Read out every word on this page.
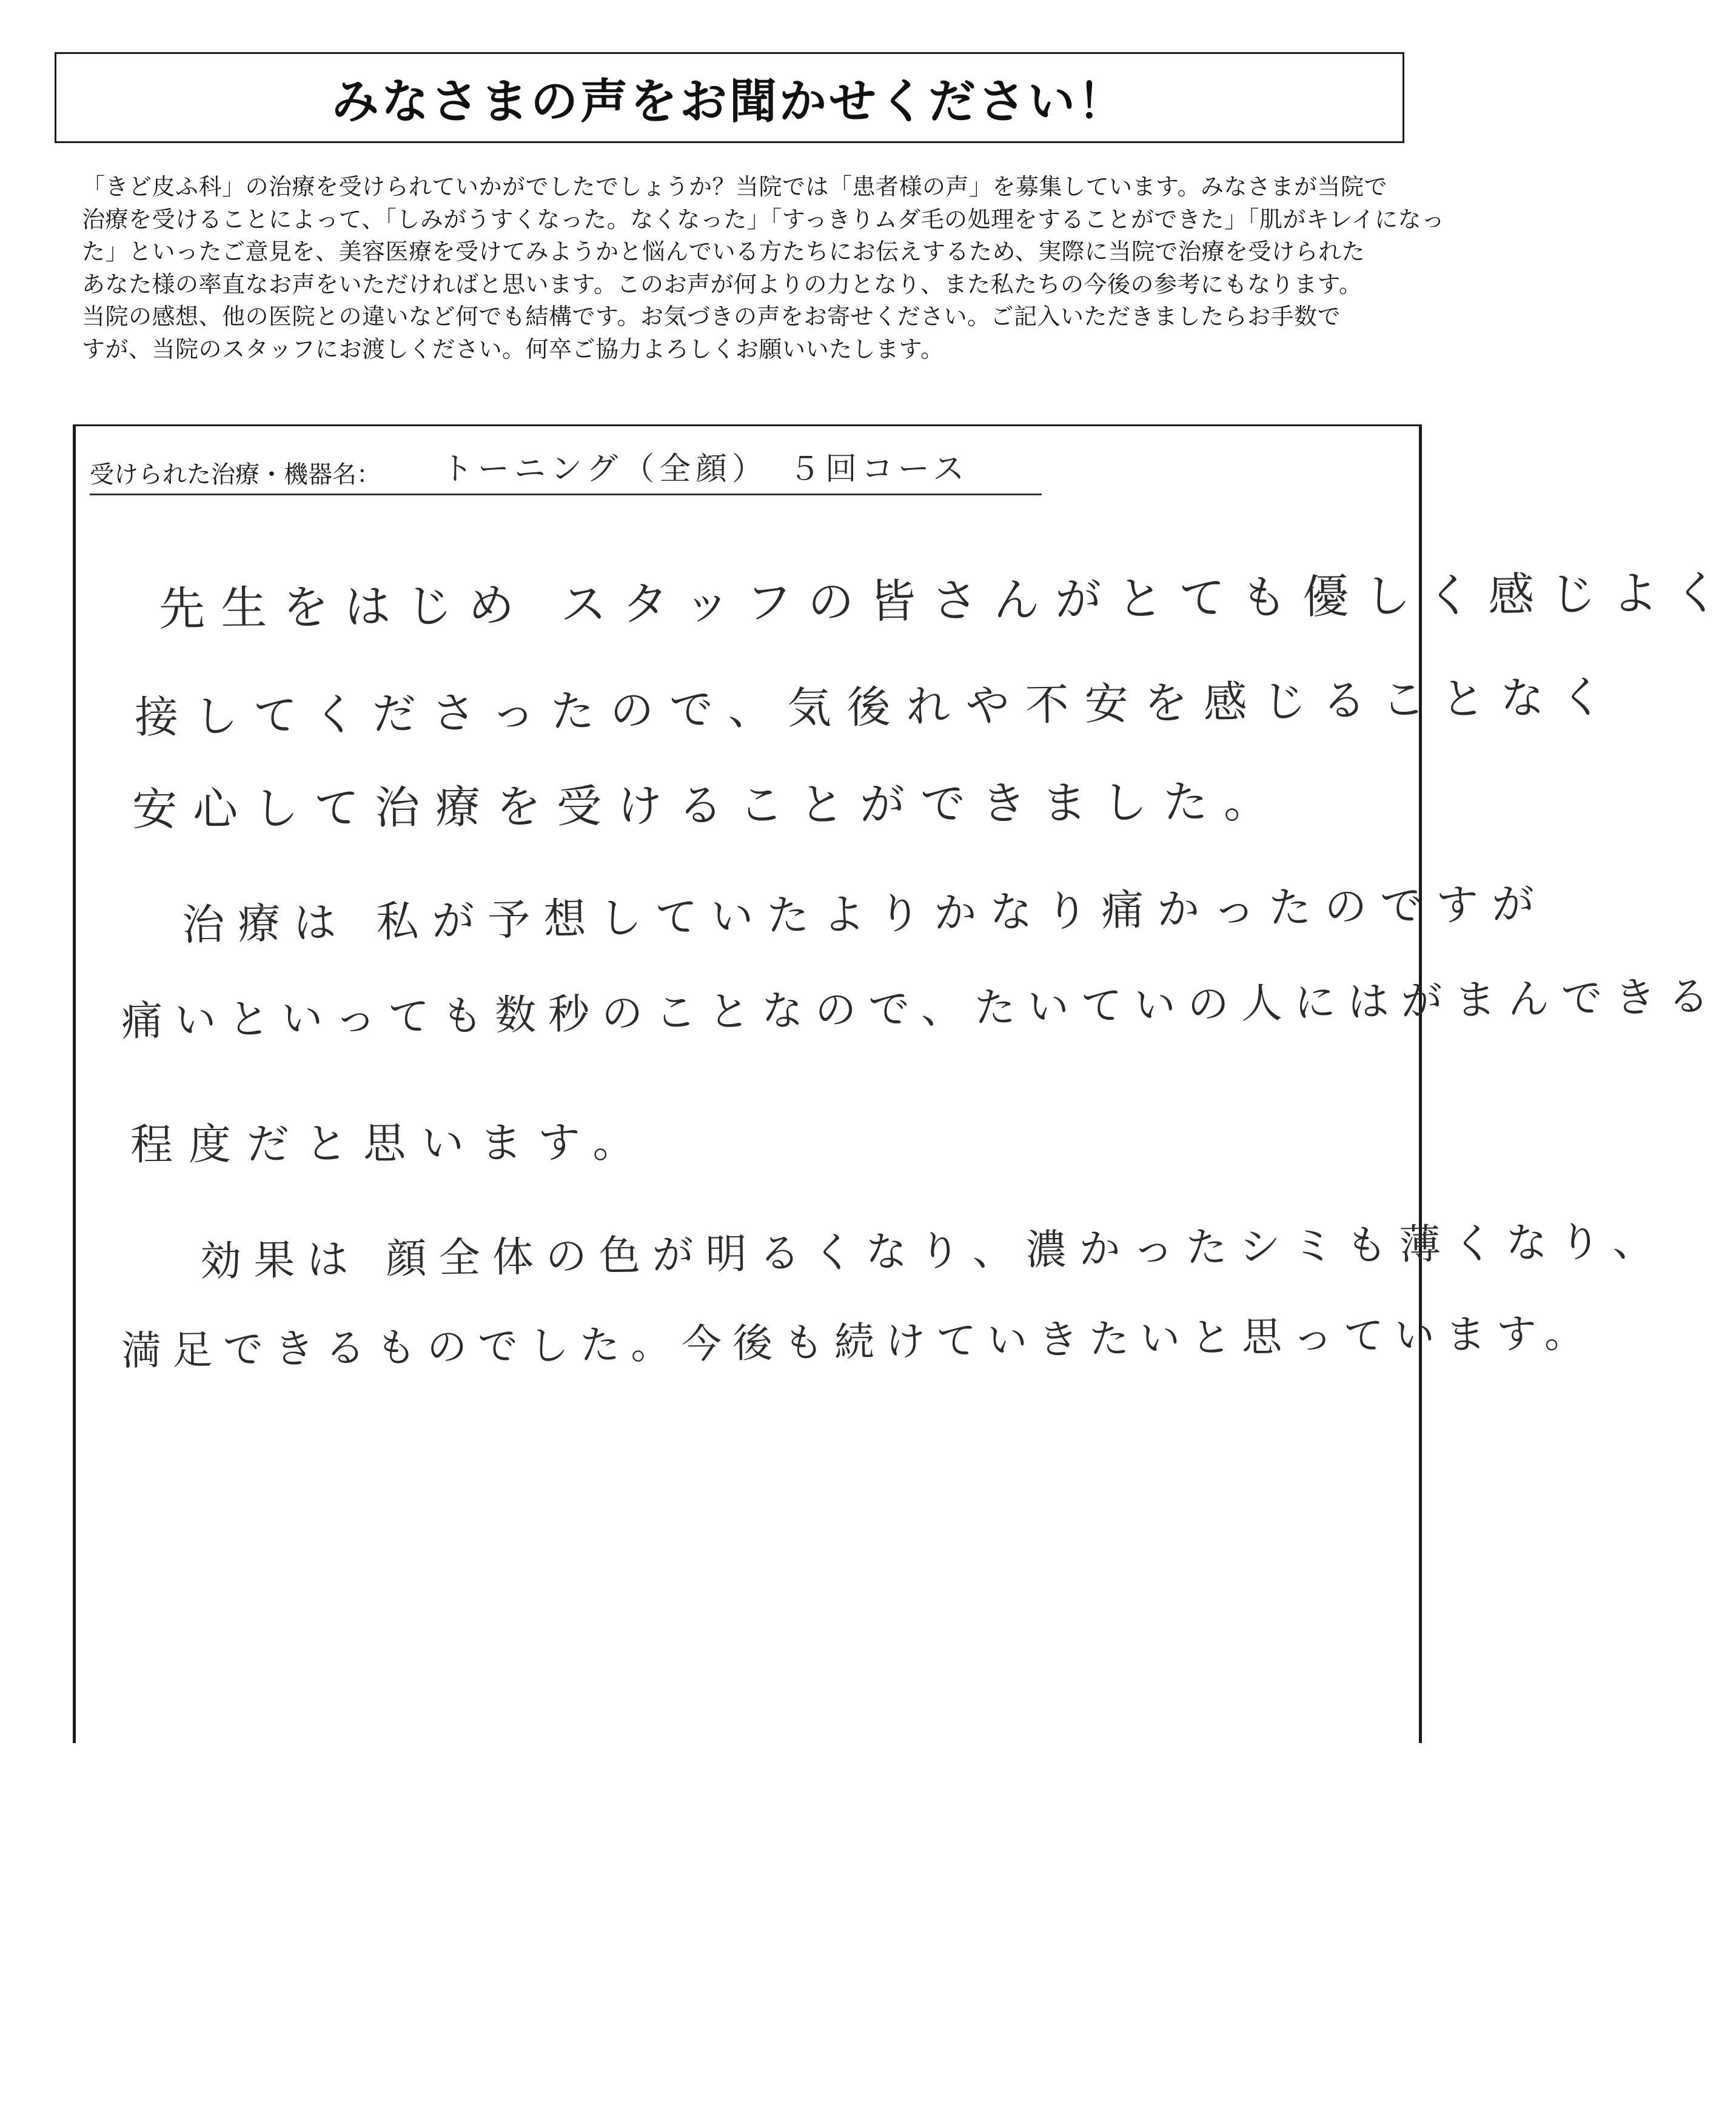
みなさまの声をお聞かせください！
「きど皮ふ科」の治療を受けられていかがでしたでしょうか？当院では「患者様の声」を募集しています。みなさまが当院で
治療を受けることによって、「しみがうすくなった。なくなった」「すっきりムダ毛の処理をすることができた」「肌がキレイになっ
た」といったご意見を、美容医療を受けてみようかと悩んでいる方たちにお伝えするため、実際に当院で治療を受けられた
あなた様の率直なお声をいただければと思います。このお声が何よりの力となり、また私たちの今後の参考にもなります。
当院の感想、他の医院との違いなど何でも結構です。お気づきの声をお寄せください。ご記入いただきましたらお手数で
すが、当院のスタッフにお渡しください。何卒ご協力よろしくお願いいたします。
受けられた治療・機器名： トーニング（全顔）　５回コース
先生をはじめ スタッフの皆さんがとても優しく感じよく
接してくださったので、気後れや不安を感じることなく
安心して治療を受けることができました。
治療は 私が予想していたよりかなり痛かったのですが
痛いといっても数秒のことなので、たいていの人にはがまんできる
程度だと思います。
効果は 顔全体の色が明るくなり、濃かったシミも薄くなり、
満足できるものでした。今後も続けていきたいと思っています。
